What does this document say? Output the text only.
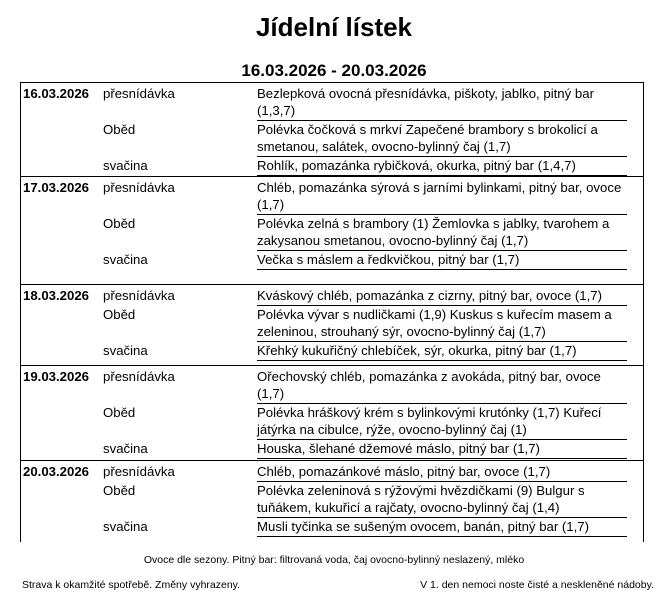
Jídelní lístek
16.03.2026 - 20.03.2026
16.03.2026	přesnídávka	Bezlepková ovocná přesnídávka, piškoty, jablko, pitný bar (1,3,7)
Oběd	Polévka čočková s mrkví Zapečené brambory s brokolicí a smetanou, salátek, ovocno-bylinný čaj (1,7)
svačina	Rohlík, pomazánka rybičková, okurka, pitný bar (1,4,7)
17.03.2026	přesnídávka	Chléb, pomazánka sýrová s jarními bylinkami, pitný bar, ovoce (1,7)
Oběd	Polévka zelná s brambory (1) Žemlovka s jablky, tvarohem a zakysanou smetanou, ovocno-bylinný čaj (1,7)
svačina	Večka s máslem a ředkvičkou, pitný bar (1,7)
18.03.2026	přesnídávka	Kváskový chléb, pomazánka z cizrny, pitný bar, ovoce (1,7)
Oběd	Polévka vývar s nudličkami (1,9) Kuskus s kuřecím masem a zeleninou, strouhaný sýr, ovocno-bylinný čaj (1,7)
svačina	Křehký kukuřičný chlebíček, sýr, okurka, pitný bar (1,7)
19.03.2026	přesnídávka	Ořechovský chléb, pomazánka z avokáda, pitný bar, ovoce (1,7)
Oběd	Polévka hráškový krém s bylinkovými krutónky (1,7) Kuřecí játýrka na cibulce, rýže, ovocno-bylinný čaj (1)
svačina	Houska, šlehané džemové máslo, pitný bar (1,7)
20.03.2026	přesnídávka	Chléb, pomazánkové máslo, pitný bar, ovoce (1,7)
Oběd	Polévka zeleninová s rýžovými hvězdičkami (9) Bulgur s tuňákem, kukuřicí a rajčaty, ovocno-bylinný čaj (1,4)
svačina	Musli tyčinka se sušeným ovocem, banán, pitný bar (1,7)
Ovoce dle sezony. Pitný bar: filtrovaná voda, čaj ovocno-bylinný neslazený, mléko
Strava k okamžité spotřebě. Změny vyhrazeny.	V 1. den nemoci noste čisté a neskleněné nádoby.
